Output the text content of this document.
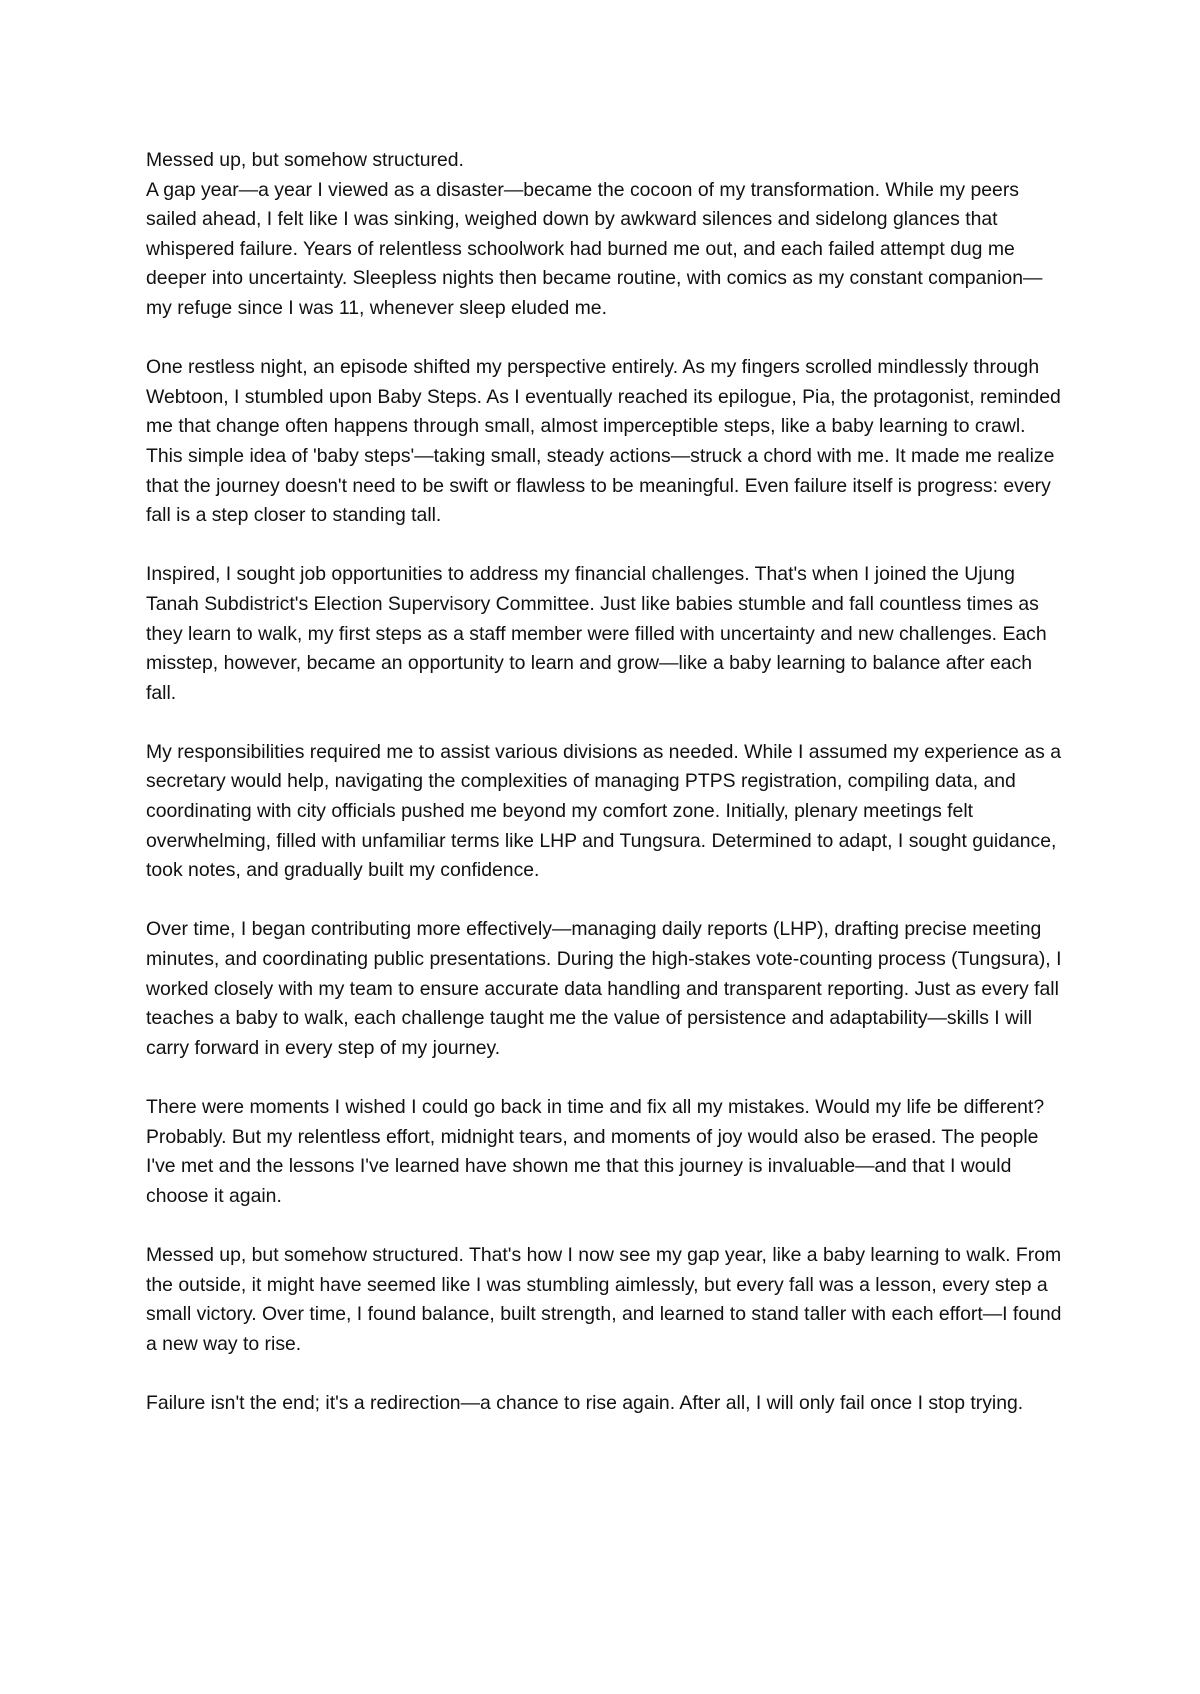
Messed up, but somehow structured.

A gap year—a year I viewed as a disaster—became the cocoon of my transformation. While my peers sailed ahead, I felt like I was sinking, weighed down by awkward silences and sidelong glances that whispered failure. Years of relentless schoolwork had burned me out, and each failed attempt dug me deeper into uncertainty. Sleepless nights then became routine, with comics as my constant companion—my refuge since I was 11, whenever sleep eluded me.

One restless night, an episode shifted my perspective entirely. As my fingers scrolled mindlessly through Webtoon, I stumbled upon Baby Steps. As I eventually reached its epilogue, Pia, the protagonist, reminded me that change often happens through small, almost imperceptible steps, like a baby learning to crawl. This simple idea of 'baby steps'—taking small, steady actions—struck a chord with me. It made me realize that the journey doesn't need to be swift or flawless to be meaningful. Even failure itself is progress: every fall is a step closer to standing tall.

Inspired, I sought job opportunities to address my financial challenges. That's when I joined the Ujung Tanah Subdistrict's Election Supervisory Committee. Just like babies stumble and fall countless times as they learn to walk, my first steps as a staff member were filled with uncertainty and new challenges. Each misstep, however, became an opportunity to learn and grow—like a baby learning to balance after each fall.

My responsibilities required me to assist various divisions as needed. While I assumed my experience as a secretary would help, navigating the complexities of managing PTPS registration, compiling data, and coordinating with city officials pushed me beyond my comfort zone. Initially, plenary meetings felt overwhelming, filled with unfamiliar terms like LHP and Tungsura. Determined to adapt, I sought guidance, took notes, and gradually built my confidence.

Over time, I began contributing more effectively—managing daily reports (LHP), drafting precise meeting minutes, and coordinating public presentations. During the high-stakes vote-counting process (Tungsura), I worked closely with my team to ensure accurate data handling and transparent reporting. Just as every fall teaches a baby to walk, each challenge taught me the value of persistence and adaptability—skills I will carry forward in every step of my journey.

There were moments I wished I could go back in time and fix all my mistakes. Would my life be different? Probably. But my relentless effort, midnight tears, and moments of joy would also be erased. The people I've met and the lessons I've learned have shown me that this journey is invaluable—and that I would choose it again.

Messed up, but somehow structured. That's how I now see my gap year, like a baby learning to walk. From the outside, it might have seemed like I was stumbling aimlessly, but every fall was a lesson, every step a small victory. Over time, I found balance, built strength, and learned to stand taller with each effort—I found a new way to rise.

Failure isn't the end; it's a redirection—a chance to rise again. After all, I will only fail once I stop trying.
